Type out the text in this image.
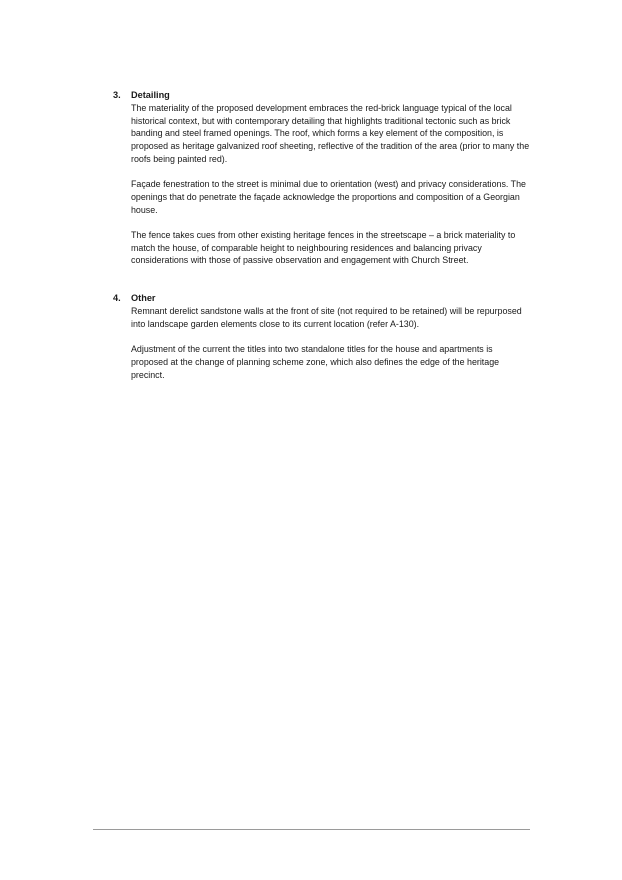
3. Detailing

The materiality of the proposed development embraces the red-brick language typical of the local historical context, but with contemporary detailing that highlights traditional tectonic such as brick banding and steel framed openings. The roof, which forms a key element of the composition, is proposed as heritage galvanized roof sheeting, reflective of the tradition of the area (prior to many the roofs being painted red).

Façade fenestration to the street is minimal due to orientation (west) and privacy considerations. The openings that do penetrate the façade acknowledge the proportions and composition of a Georgian house.

The fence takes cues from other existing heritage fences in the streetscape – a brick materiality to match the house, of comparable height to neighbouring residences and balancing privacy considerations with those of passive observation and engagement with Church Street.

4. Other

Remnant derelict sandstone walls at the front of site (not required to be retained) will be repurposed into landscape garden elements close to its current location (refer A-130).

Adjustment of the current the titles into two standalone titles for the house and apartments is proposed at the change of planning scheme zone, which also defines the edge of the heritage precinct.
